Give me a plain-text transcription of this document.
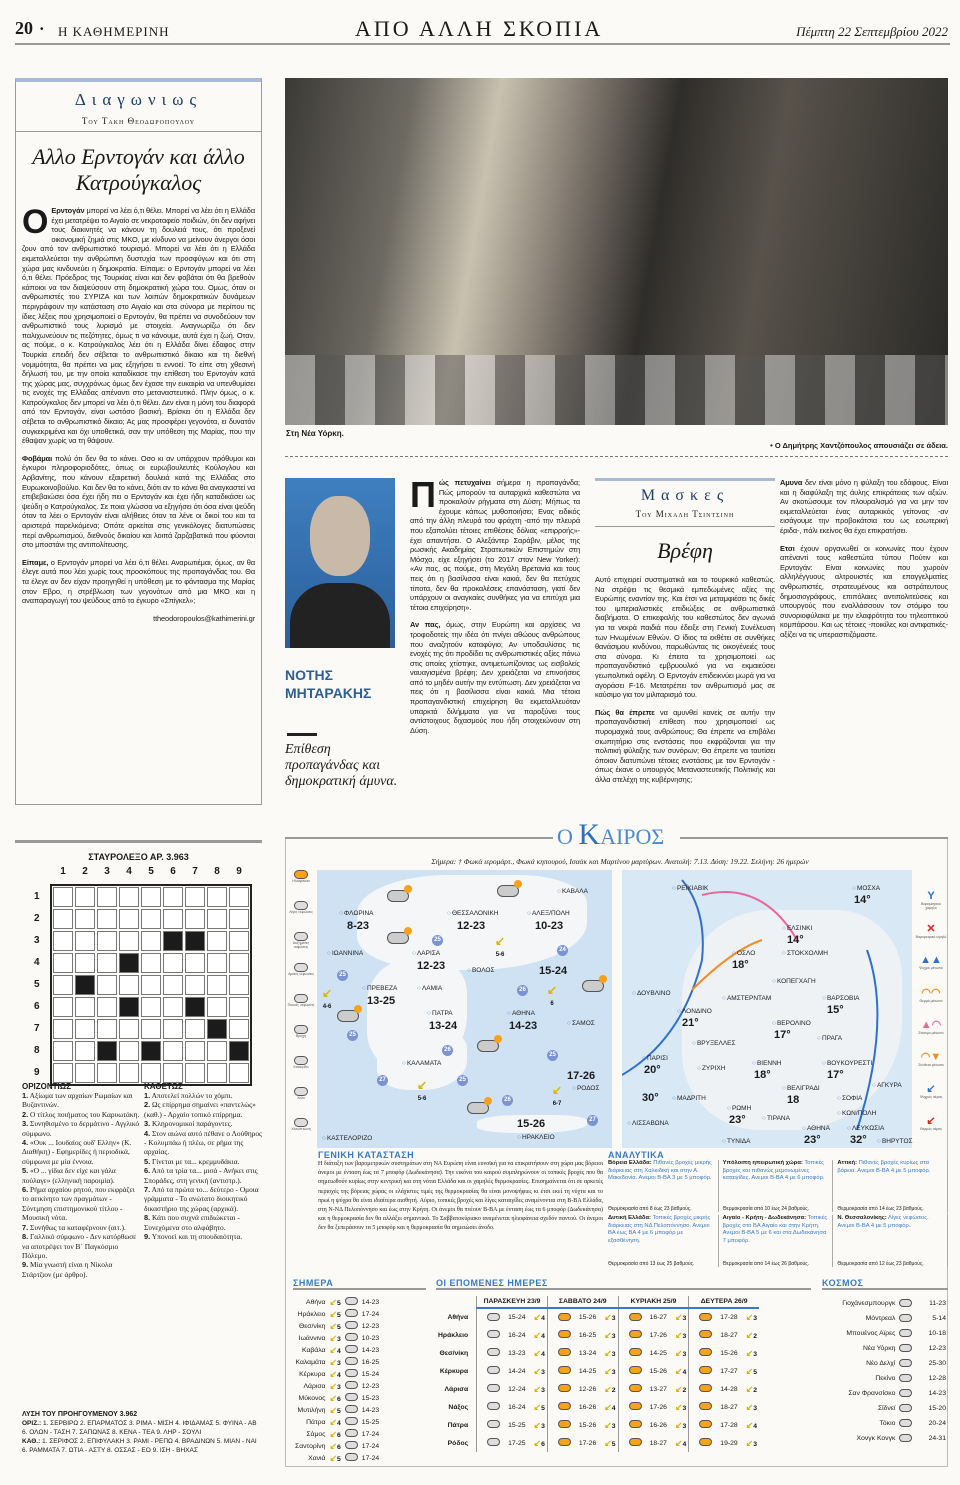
20 • Η ΚΑΘΗΜΕΡΙΝΗ	ΑΠΟ ΑΛΛΗ ΣΚΟΠΙΑ	Πέμπτη 22 Σεπτεμβρίου 2022
Διαγωνιως
Του Τακη Θεοδωροπουλου
Αλλο Ερντογάν και άλλο Κατρούγκαλος

O Ερντογάν μπορεί να λέει ό,τι θέλει. Μπορεί να λέει ότι η Ελλάδα έχει μετατρέψει το Αιγαίο σε νεκροταφείο ποιδιών, ότι δεν αφήνει τους διακινητές να κάνουν τη δουλειά τους, ότι προξενεί οικονομική ζημιά στις ΜΚΟ, με κίνδυνο να μείνουν άνεργοι όσοι ζουν από τον ανθρωπιστικό τουρισμό. Μπορεί να λέει ότι η Ελλάδα εκμεταλλεύεται την ανθρώπινη δυστυχία των προσφύγων και ότι στη χώρα μας κινδυνεύει η δημοκρατία. Είπαμε: ο Ερντογάν μπορεί να λέει ό,τι θέλει. Πρόεδρος της Τουρκίας είναι και δεν φοβάται ότι θα βρεθούν κάποιοι να τον διαψεύσουν στη δημοκρατική χώρα του. Ομως, όταν οι ανθρωπιστές του ΣΥΡΙΖΑ και των λοιπών δημοκρατικών δυνάμεων περιγράφουν την κατάσταση στο Αιγαίο και στα σύνορα με περίπου τις ίδιες λέξεις που χρησιμοποιεί ο Ερντογάν, θα πρέπει να συνοδεύουν τον ανθρωπιστικό τους λυρισμό με στοιχεία. Αναγνωρίζω ότι δεν παλιχωνεύουν τις πεζότητες, όμως τι να κάνουμε, αυτά έχει η ζωή. Οταν, ας πούμε, ο κ. Κατρούγκαλος λέει ότι η Ελλάδα δίνει έδαφος στην Τουρκία επειδή δεν σέβεται το ανθρωπιστικό δίκαιο και τη διεθνή νομιμότητα, θα πρέπει να μας εξηγήσει τι εννοεί. Το είπε στη χθεσινή δήλωσή του, με την οποία καταδίκασε την επίθεση του Ερντογάν κατά της χώρας μας, συγχρόνως όμως δεν έχασε την ευκαιρία να υπενθυμίσει τις ενοχές της Ελλάδας απέναντι στο μεταναστευτικό. Πλην όμως, ο κ. Κατρούγκαλος δεν μπορεί να λέει ό,τι θέλει. Δεν είναι η μόνη του διαφορά από τον Ερντογάν, είναι ωστόσο βασική. Βρίσκει ότι η Ελλάδα δεν σέβεται το ανθρωπιστικό δίκαιο; Ας μας προσφέρει γεγονότα, ει δυνατόν συγκεκριμένα και όχι υποθετικά, σαν την υπόθεση της Μαρίας, που την έθαψαν χωρίς να τη θάψουν.

Φοβάμαι πολύ ότι δεν θα το κάνει. Οσο κι αν υπάρχουν πρόθυμοι και έγκυροι πληροφοριοδότες, όπως οι ευρωβουλευτές Κούλογλου και Αρβανίτης, που κάνουν εξαιρετική δουλειά κατά της Ελλάδας στο Ευρωκοινοβούλιο. Και δεν θα το κάνει, διότι αν το κάνει θα αναγκαστεί να επιβεβαιώσει όσα έχει ήδη πει ο Ερντογάν και έχει ήδη καταδικάσει ως ψεύδη ο Κατρούγκαλος. Σε ποια γλώσσα να εξηγήσει ότι όσα είναι ψεύδη όταν τα λέει ο Ερντογάν είναι αλήθειες όταν τα λένε οι δικοί του και τα αριστερά παρελκόμενα; Οπότε αρκείται στις γενικόλογες διατυπώσεις περί ανθρωπισμού, διεθνούς δικαίου και λοιπά ζαρζαβατικά που φύονται στο μποστάνι της αντιπολίτευσης.

Είπαμε, ο Ερντογάν μπορεί να λέει ό,τι θέλει. Αναρωτιέμαι, όμως, αν θα έλεγε αυτά που λέει χωρίς τους προσκόπους της προπαγάνδας του. Θα τα έλεγε αν δεν είχαν προηγηθεί η υπόθεση με το φάντασμα της Μαρίας στον Εβρο, η στρέβλωση των γεγονότων από μια ΜΚΟ και η αναπαραγωγή του ψεύδους από το έγκυρο «Σπίγκελ»;

ttheodoropoulos@kathimerini.gr

Στη Νέα Υόρκη.
• Ο Δημήτρης Χαντζόπουλος απουσιάζει σε άδεια.
ΝΟΤΗΣ ΜΗΤΑΡΑΚΗΣ
Επίθεση προπαγάνδας και δημοκρατική άμυνα.

Πώς πετυχαίνει σήμερα η προπαγάνδα; Πώς μπορούν τα αυταρχικά καθεστώτα να προκαλούν ρήγματα στη Δύση; Μήπως τα έχουμε κάπως μυθοποιήσει; Ενας ειδικός από την άλλη πλευρά του φράχτη -από την πλευρά που εξαπολύει τέτοιες επιθέσεις δόλιας «επιρροής»- έχει απαντήσει. Ο Αλεξάντερ Σαράβιν, μέλος της ρωσικής Ακαδημίας Στρατιωτικών Επιστημών στη Μόσχα, είχε εξηγήσει (το 2017 στον New Yorker): «Αν πας, ας πούμε, στη Μεγάλη Βρετανία και τους πεις ότι η βασίλισσα είναι κακιά, δεν θα πετύχεις τίποτα, δεν θα προκαλέσεις επανάσταση, γιατί δεν υπάρχουν οι αναγκαίες συνθήκες για να επιτύχει μια τέτοια επιχείρηση».

Αν πας, όμως, στην Ευρώπη και αρχίσεις να τροφοδοτείς την ιδέα ότι πνίγει αθώους ανθρώπους που αναζητούν καταφύγιο; Αν υποδαυλίσεις τις ενοχές της ότι προδίδει τις ανθρωπιστικές αξίες πάνω στις οποίες χτίστηκε, αντιμετωπίζοντας ως εισβολείς ναυαγισμένα βρέφη; Δεν χρειάζεται να επινοήσεις από το μηδέν αυτήν την εντύπωση. Δεν χρειάζεται να πεις ότι η βασίλισσα είναι κακιά. Μια τέτοια προπαγανδιστική επιχείρηση θα εκμεταλλευόταν υπαρκτά διλήμματα για να παροξύνει τους αντίστοιχους διχασμούς που ήδη στοιχειώνουν στη Δύση.

Μασκες
Του Μιχαλη Τσιντσινη
Βρέφη

Αυτό επιχειρεί συστηματικά και το τουρκικό καθεστώς. Να στρέψει τις θεσμικά εμπεδωμένες αξίες της Ευρώπης εναντίον της. Και έτσι να μεταμφιέσει τις δικές του ιμπεριαλιστικές επιδιώξεις σε ανθρωπιστικά διαβήματα. Ο επικεφαλής του καθεστώτος δεν αγωνιά για τα νεκρά παιδιά που έδειξε στη Γενική Συνέλευση των Ηνωμένων Εθνών. Ο ίδιος τα εκθέτει σε συνθήκες θανάσιμου κινδύνου, παρωθώντας τις οικογένειές τους στα σύνορα. Κι έπειτα τα χρησιμοποιεί ως προπαγανδιστικό εμβρυουλκό για να εκμαιεύσει γεωπολιτικά οφέλη. Ο Ερντογάν επιδεικνύει μωρά για να αγοράσει F-16. Μετατρέπει τον ανθρωπισμό μας σε καύσιμο για τον μιλιταρισμό του.

Πώς θα έπρεπε να αμυνθεί κανείς σε αυτήν την προπαγανδιστική επίθεση που χρησιμοποιεί ως πυρομαχικά τους ανθρώπους; Θα έπρεπε να επιβάλει σιωπητήριο στις ενστάσεις που εκφράζονται για την πολιτική φύλαξης των συνόρων; Θα έπρεπε να ταυτίσει όποιον διατυπώνει τέτοιες ενστάσεις με τον Ερντογάν - όπως έκανε ο υπουργός Μεταναστευτικής Πολιτικής και άλλα στελέχη της κυβέρνησης;

Αμυνα δεν είναι μόνο η φύλαξη του εδάφους. Είναι και η διαφύλαξη της άυλης επικράτειας των αξιών. Αν σκοτώσουμε τον πλουραλισμό για να μην τον εκμεταλλεύεται ένας αυταρκικός γείτονας -αν εισάγουμε την προβοκάτσια του ως εσωτερική έριδα-, πάλι εκείνος θα έχει επικρατήσει.

Ετσι έχουν οργανωθεί οι κοινωνίες που έχουν απέναντί τους καθεστώτα τύπου Πούτιν και Ερντογάν: Είναι κοινωνίες που χωρούν αλληλέγγυους αλτρουιστές και επαγγελματίες ανθρωπιστές, στρατευμένους και αστράτευτους δημοσιογράφους, επιπόλαιες αντιπολιτεύσεις και υπουργούς που εναλλάσσουν τον στόμφο του συνοριοφύλακα με την ελαφρότητα του τηλεοπτικού κομπάρσου. Και ως τέτοιες -ποικίλες και αντιφατικές- αξίζει να τις υπερασπιζόμαστε.

ΣΤΑΥΡΟΛΕΞΟ ΑΡ. 3.963
1	2	3	4	5	6	7	8	9
1
2
3
4
5
6
7
8
9
ΟΡΙΖΟΝΤΙΩΣ
1. Αξίωμα των αρχαίων Ρωμαίων και Βυζαντινών.
2. Ο τίτλος ποιήματος του Καρυωτάκη.
3. Συνηθισμένο το δερμάτινο - Αγγλικό σύμφωνο.
4. «Ουκ ... Ιουδαίος ουδ' Ελλην» (Κ. Διαθήκη) - Εφημερίδες ή περιοδικά, σύμφωνα με μία έννοια.
5. «Ο ... γίδια δεν είχε και γάλα πούλαγε» (ελληνική παροιμία).
6. Ρήμα αρχαίου ρητού, που εκφράζει το αεικίνητο των πραγμάτων - Σύντμηση επιστημονικού τίτλου - Μουσική νότα.
7. Συνήθως τα καταφέρνουν (αιτ.).
8. Γαλλικό σύμφωνο - Δεν κατόρθωσε να αποτρέψει τον Β΄ Παγκόσμιο Πόλεμο.
9. Μία γνωστή είναι η Νίκολα Στάρτζιον (με άρθρο).
ΚΑΘΕΤΩΣ
1. Αποτελεί πολλών το χόμπι.
2. Ως επίρρημα σημαίνει «παντελώς» (καθ.) - Αρχαίο τοπικό επίρρημα.
3. Κληρονομικοί παράγοντες.
4. Στον αιώνα αυτό πέθανε ο Λούθηρος - Κολυμπάω ή πλέω, σε ρήμα της αρχαίας.
5. Γίνεται με τα... κρεμμυδάκια.
6. Από τα τρία τα... μισά - Ανήκει στις Σποράδες, στη γενική (αντιστρ.).
7. Από τα πρώτα το... δεύτερο - Ομοια γράμματα - Το ανώτατο διοικητικό δικαστήριο της χώρας (αρχικά).
8. Κάτι που συχνά επιδιώκεται - Συνεχόμενα στο αλφάβητο.
9. Υπονοεί και τη σπουδαιότητα.
ΛΥΣΗ ΤΟΥ ΠΡΟΗΓΟΥΜΕΝΟΥ 3.962
ΟΡΙΖ.: 1. ΣΕΡΒΙΡΩ 2. ΕΠΑΡΜΑΤΟΣ 3. ΡΙΜΑ - ΜΙΣΗ 4. ΙΦΙΔΑΜΑΣ 5. ΦΥΙΝΑ - ΑΒ 6. ΟΛΩΝ - ΤΑΣΗ 7. ΣΑΠΩΝΑΣ 8. ΚΕΝΑ - ΤΕΑ 9. ΛΗΡ - ΣΟΥΛΙ
ΚΑΘ.: 1. ΣΕΡΙΦΟΣ 2. ΕΠΙΦΥΛΑΚΗ 3. ΡΑΜΙ - ΡΕΠΩ 4. ΒΡΑΔΙΝΩΝ 5. ΜΙΑΝ - ΝΑΙ 6. ΡΑΜΜΑΤΑ 7. ΩΤΙΑ - ΑΣΤΥ 8. ΟΣΣΑΣ - ΕΟ 9. ΙΣΗ - ΒΗΧΑΣ
Ο ΚΑΙΡΟΣ
Σήμερα: † Φωκά ιερομάρτ., Φωκά κηπουρού, Ισαάκ και Μαρτίνου μαρτύρων. Ανατολή: 7.13. Δύση: 19.22. Σελήνη: 26 ημερών
Ηλιοφάνεια
Λίγες νεφώσεις
Αυξημένες νεφώσεις
Αραιές νεφώσεις
Πυκνές νεφώσεις
Βροχή
Καταιγίδα
Χιόνι
Χιονόπτωση
25
24
25
26
25
26
25
27	25
26
27
↙
5-6
↙
4-6
↙
6
↙
5-6
↙
6-7
○ ΦΛΩΡΙΝΑ
8-23
○ ΚΑΒΑΛΑ
○ ΘΕΣΣΑΛΟΝΙΚΗ
12-23
○ ΑΛΕΞ/ΠΟΛΗ
10-23
○ ΙΩΑΝΝΙΝΑ	○ ΛΑΡΙΣΑ
12-23	○ ΒΟΛΟΣ
○ ΠΡΕΒΕΖΑ
13-25
○ ΛΑΜΙΑ
○ ΠΑΤΡΑ
13-24
○ ΑΘΗΝΑ
14-23	○ ΣΑΜΟΣ
○ ΚΑΛΑΜΑΤΑ
○ ΡΟΔΟΣ
17-26
○ ΗΡΑΚΛΕΙΟ
15-26
○ ΚΑΣΤΕΛΟΡΙΖΟ
15-24
○ ΡΕΪΚΙΑΒΙΚ
○ ΕΛΣΙΝΚΙ
14°
○ ΟΣΛΟ
18°
○ ΣΤΟΚΧΟΛΜΗ
○ ΜΟΣΧΑ
14°
○ ΚΟΠΕΓΧΑΓΗ
○ ΔΟΥΒΛΙΝΟ
○ ΑΜΣΤΕΡΝΤΑΜ
○ ΛΟΝΔΙΝΟ
21°
○ ΒΑΡΣΟΒΙΑ
15°
○ ΒΕΡΟΛΙΝΟ
17°
○ ΒΡΥΞΕΛΛΕΣ
○ ΠΡΑΓΑ
○ ΠΑΡΙΣΙ
20°
○ ΒΙΕΝΝΗ
18°
○ ΒΟΥΚΟΥΡΕΣΤΙ
17°
○ ΖΥΡΙΧΗ
○ ΒΕΛΙΓΡΑΔΙ
18	○ ΣΟΦΙΑ
○ ΚΩΝ/ΠΟΛΗ
○ ΑΓΚΥΡΑ
○ ΜΑΔΡΙΤΗ
30°
○ ΡΩΜΗ
23°	○ ΤΙΡΑΝΑ
○ ΛΙΣΣΑΒΩΝΑ
○ ΑΘΗΝΑ
23°
○ ΛΕΥΚΩΣΙΑ
32°
○ ΤΥΝΙΔΑ	○ ΒΗΡΥΤΟΣ
Y
Βαρομετρικό χαμηλό
✕
Βαρομετρικό υψηλό
▲▲
Ψυχρό μέτωπο
◠◠
Θερμό μέτωπο
▲◠
Στάσιμο μέτωπο
◠▼
Σύνθετο μέτωπο
↙
Ψυχρός αέρας
↙
Θερμός αέρας
ΓΕΝΙΚΗ ΚΑΤΑΣΤΑΣΗ
Η διάταξη των βαρομετρικών συστημάτων στη ΝΑ Ευρώπη είναι ευνοϊκή για να επικρατήσουν στη χώρα μας βόρειοι άνεμοι με ένταση έως τα 7 μποφόρ (Δωδεκάνησα). Την εικόνα του καιρού συμπληρώνουν οι τοπικές βροχές που θα σημειωθούν κυρίως στην κεντρική και στη νότια Ελλάδα και οι χαμηλές θερμοκρασίες. Επισημαίνεται ότι σε αρκετές περιοχές της βόρειας χώρας οι ελάχιστες τιμές της θερμοκρασίας θα είναι μονοψήφιες κι έτσι εκεί τη νύχτα και το πρωί η ψύχρα θα είναι ιδιαίτερα αισθητή. Αύριο, τοπικές βροχές και λίγες καταιγίδες αναμένονται στη Β-ΒΑ Ελλάδα, στη Ν-ΝΔ Πελοπόννησο και έως στην Κρήτη. Οι άνεμοι θα πνέουν Β-ΒΑ με ένταση έως τα 6 μποφόρ (Δωδεκάνησα) και η θερμοκρασία δεν θα αλλάξει σημαντικά. Το Σαββατοκύριακο αναμένεται ηλιοφάνεια σχεδόν παντού. Οι άνεμοι δεν θα ξεπεράσουν τα 5 μποφόρ και η θερμοκρασία θα σημειώσει άνοδο.
ΑΝΑΛΥΤΙΚΑ
Βόρεια Ελλάδα: Πιθανές βροχές μικρής διάρκειας στη Χαλκιδική και στην Α. Μακεδονία. Ανεμοι Β-ΒΑ 3 με 5 μποφόρ.
Θερμοκρασία από 8 έως 23 βαθμούς.
Υπόλοιπη ηπειρωτική χώρα: Τοπικές βροχές και πιθανώς μεμονωμένες καταιγίδες. Ανεμοι Β-ΒΑ 4 με 6 μποφόρ.
Θερμοκρασία από 10 έως 24 βαθμούς.
Αττική: Πιθανές βροχές κυρίως στα βόρεια. Ανεμοι Β-ΒΑ 4 με 5 μποφόρ.
Θερμοκρασία από 14 έως 23 βαθμούς.
Δυτική Ελλάδα: Τοπικές βροχές μικρής διάρκειας στη ΝΔ Πελοπόννησο. Ανεμοι ΒΑ έως ΒΑ 4 με 6 μποφόρ με εξασθένηση.
Θερμοκρασία από 13 έως 25 βαθμούς.
Αιγαίο - Κρήτη - Δωδεκάνησα: Τοπικές βροχές στο ΒΑ Αιγαίο και στην Κρήτη. Ανεμοι Β-ΒΑ 5 με 6 και στα Δωδεκάνησα 7 μποφόρ.
Θερμοκρασία από 14 έως 26 βαθμούς.
Ν. Θεσσαλονίκης: Λίγες νεφώσεις. Ανεμοι Β-ΒΑ 4 με 5 μποφόρ.
Θερμοκρασία από 12 έως 23 βαθμούς.
ΣΗΜΕΡΑ
Αθήνα	↙5		14-23
Ηράκλειο	↙5		17-24
Θεσ/νίκη	↙5		12-23
Ιωάννινα	↙3		10-23
Καβάλα	↙4		14-23
Καλαμάτα	↙3		16-25
Κέρκυρα	↙4		15-24
Λάρισα	↙3		12-23
Μύκονος	↙6		15-23
Μυτιλήνη	↙5		14-23
Πάτρα	↙4		15-25
Σάμος	↙6		17-24
Σαντορίνη	↙6		17-24
Χανιά	↙5		17-24
ΟΙ ΕΠΟΜΕΝΕΣ ΗΜΕΡΕΣ
	ΠΑΡΑΣΚΕΥΗ 23/9			ΣΑΒΒΑΤΟ 24/9			ΚΥΡΙΑΚΗ 25/9			ΔΕΥΤΕΡΑ 26/9		
Αθήνα		15-24	↙4		15-26	↙3		16-27	↙3		17-28	↙3
Ηράκλειο		16-24	↙4		16-25	↙3		17-26	↙3		18-27	↙2
Θεσ/νίκη		13-23	↙4		13-24	↙3		14-25	↙3		15-26	↙3
Κέρκυρα		14-24	↙3		14-25	↙3		15-26	↙4		17-27	↙5
Λάρισα		12-24	↙3		12-26	↙2		13-27	↙2		14-28	↙2
Νάξος		16-24	↙5		16-26	↙4		17-26	↙3		18-27	↙3
Πάτρα		15-25	↙3		15-26	↙3		16-26	↙3		17-28	↙4
Ρόδος		17-25	↙6		17-26	↙5		18-27	↙4		19-29	↙3
ΚΟΣΜΟΣ
Γιοχάνεσμπουργκ		11-23
Μόντρεαλ		5-14
Μπουένος Αϊρες		10-18
Νέα Υόρκη		12-23
Νέο Δελχί		25-30
Πεκίνο		12-28
Σαν Φρανσίσκο		14-23
Σίδνεϊ		15-20
Τόκιο		20-24
Χονγκ Κονγκ		24-31
